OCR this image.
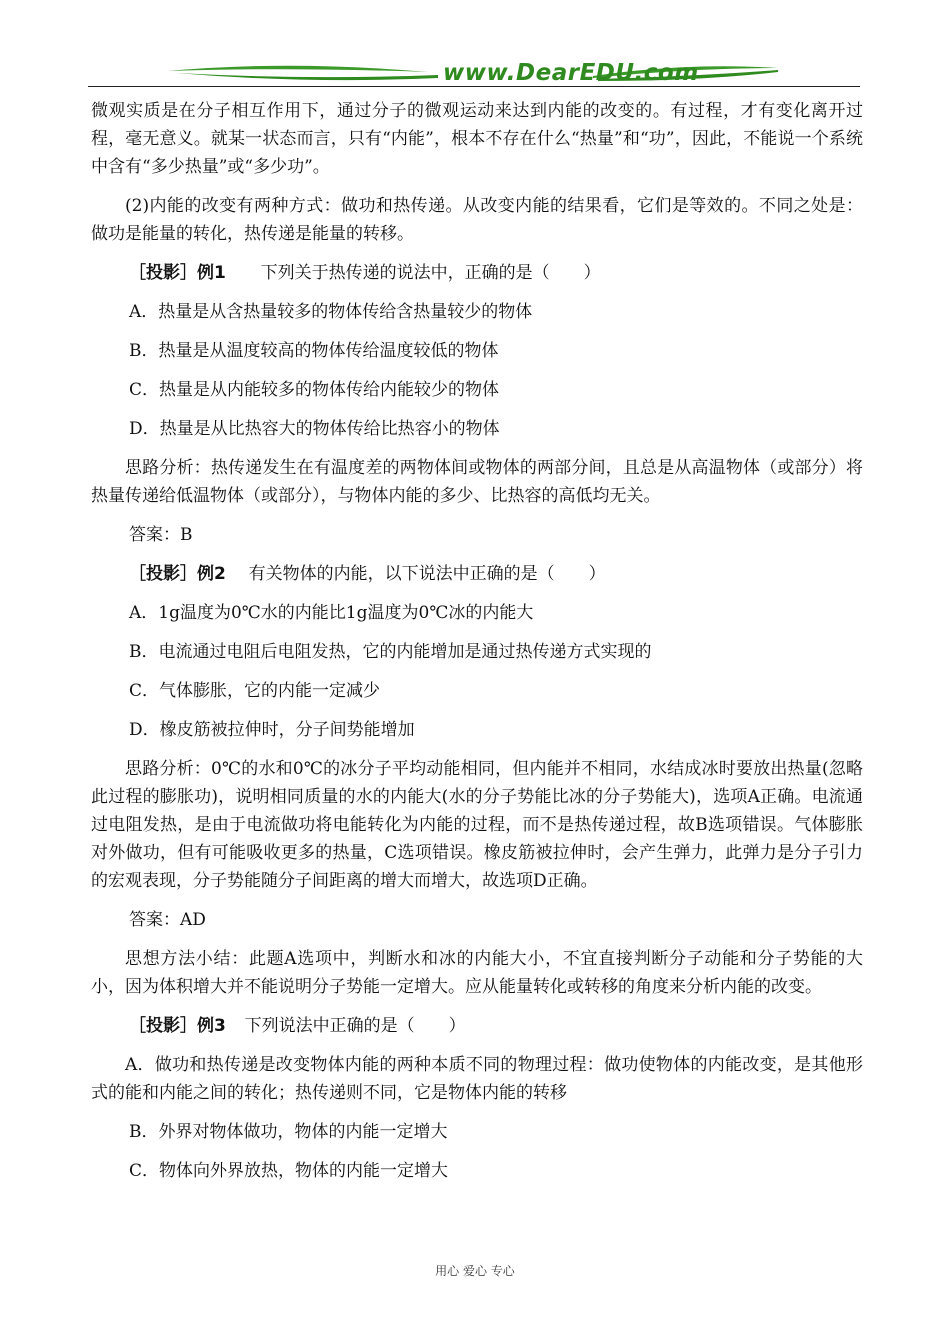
www.DearEDU.com

微观实质是在分子相互作用下，通过分子的微观运动来达到内能的改变的。有过程，才有变化离开过程，毫无意义。就某一状态而言，只有“内能”，根本不存在什么“热量”和“功”，因此，不能说一个系统中含有“多少热量”或“多少功”。

(2)内能的改变有两种方式：做功和热传递。从改变内能的结果看，它们是等效的。不同之处是：做功是能量的转化，热传递是能量的转移。

［投影］例1 下列关于热传递的说法中，正确的是（　　）
A．热量是从含热量较多的物体传给含热量较少的物体
B．热量是从温度较高的物体传给温度较低的物体
C．热量是从内能较多的物体传给内能较少的物体
D．热量是从比热容大的物体传给比热容小的物体

思路分析：热传递发生在有温度差的两物体间或物体的两部分间，且总是从高温物体（或部分）将热量传递给低温物体（或部分），与物体内能的多少、比热容的高低均无关。

答案：B
［投影］例2 有关物体的内能，以下说法中正确的是（　　）
A．1g温度为0℃水的内能比1g温度为0℃冰的内能大
B．电流通过电阻后电阻发热，它的内能增加是通过热传递方式实现的
C．气体膨胀，它的内能一定减少
D．橡皮筋被拉伸时，分子间势能增加

思路分析：0℃的水和0℃的冰分子平均动能相同，但内能并不相同，水结成冰时要放出热量(忽略此过程的膨胀功)，说明相同质量的水的内能大(水的分子势能比冰的分子势能大)，选项A正确。电流通过电阻发热，是由于电流做功将电能转化为内能的过程，而不是热传递过程，故B选项错误。气体膨胀对外做功，但有可能吸收更多的热量，C选项错误。橡皮筋被拉伸时，会产生弹力，此弹力是分子引力的宏观表现，分子势能随分子间距离的增大而增大，故选项D正确。

答案：AD

思想方法小结：此题A选项中，判断水和冰的内能大小，不宜直接判断分子动能和分子势能的大小，因为体积增大并不能说明分子势能一定增大。应从能量转化或转移的角度来分析内能的改变。

［投影］例3 下列说法中正确的是（　　）

A．做功和热传递是改变物体内能的两种本质不同的物理过程：做功使物体的内能改变，是其他形式的能和内能之间的转化；热传递则不同，它是物体内能的转移

B．外界对物体做功，物体的内能一定增大
C．物体向外界放热，物体的内能一定增大
用心 爱心 专心
